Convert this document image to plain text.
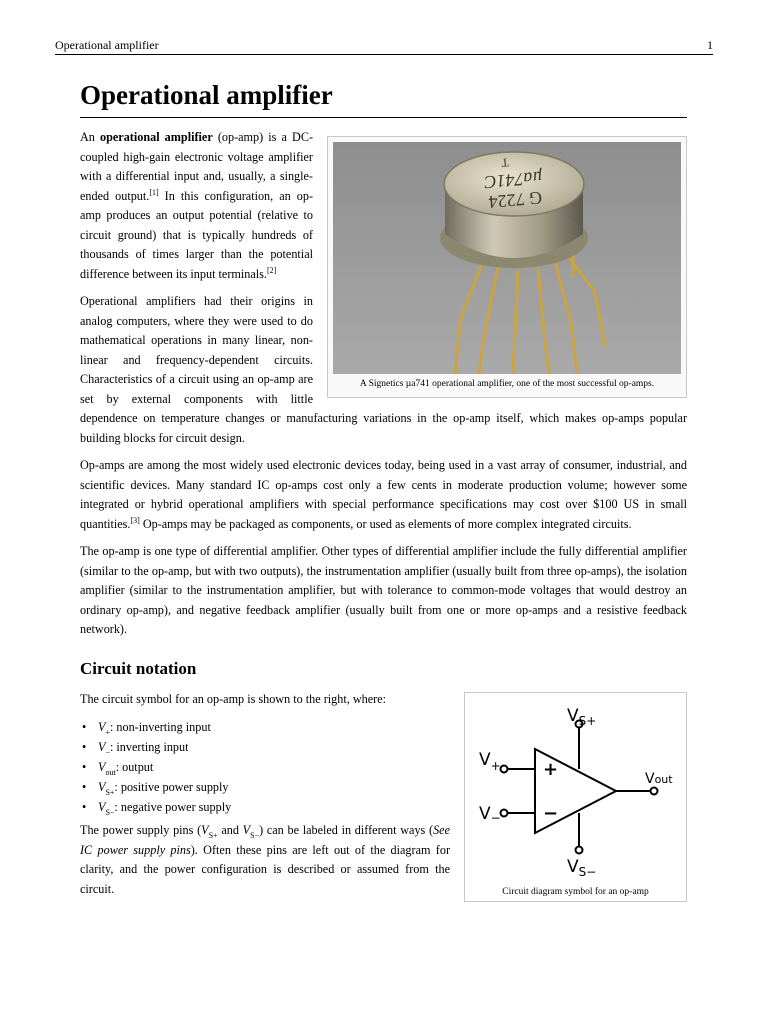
Operational amplifier	1
Operational amplifier
G 7224
µa741C
T
A Signetics µa741 operational amplifier, one of the most successful op-amps.

An operational amplifier (op-amp) is a DC-coupled high-gain electronic voltage amplifier with a differential input and, usually, a single-ended output.[1] In this configuration, an op-amp produces an output potential (relative to circuit ground) that is typically hundreds of thousands of times larger than the potential difference between its input terminals.[2]

Operational amplifiers had their origins in analog computers, where they were used to do mathematical operations in many linear, non-linear and frequency-dependent circuits. Characteristics of a circuit using an op-amp are set by external components with little dependence on temperature changes or manufacturing variations in the op-amp itself, which makes op-amps popular building blocks for circuit design.

Op-amps are among the most widely used electronic devices today, being used in a vast array of consumer, industrial, and scientific devices. Many standard IC op-amps cost only a few cents in moderate production volume; however some integrated or hybrid operational amplifiers with special performance specifications may cost over $100 US in small quantities.[3] Op-amps may be packaged as components, or used as elements of more complex integrated circuits.

The op-amp is one type of differential amplifier. Other types of differential amplifier include the fully differential amplifier (similar to the op-amp, but with two outputs), the instrumentation amplifier (usually built from three op-amps), the isolation amplifier (similar to the instrumentation amplifier, but with tolerance to common-mode voltages that would destroy an ordinary op-amp), and negative feedback amplifier (usually built from one or more op-amps and a resistive feedback network).

Circuit notation
+
−
$V_{S+}$
$V_{S-}$
$V_+$
V−
Vout
Circuit diagram symbol for an op-amp

The circuit symbol for an op-amp is shown to the right, where:

• $V_+$: non-inverting input
• $V_-$: inverting input
• $V_{out}$: output
• $V_{S+}$: positive power supply
• $V_{S-}$: negative power supply

The power supply pins ($V_{S+}$ and $V_{S-}$) can be labeled in different ways (See IC power supply pins). Often these pins are left out of the diagram for clarity, and the power configuration is described or assumed from the circuit.
